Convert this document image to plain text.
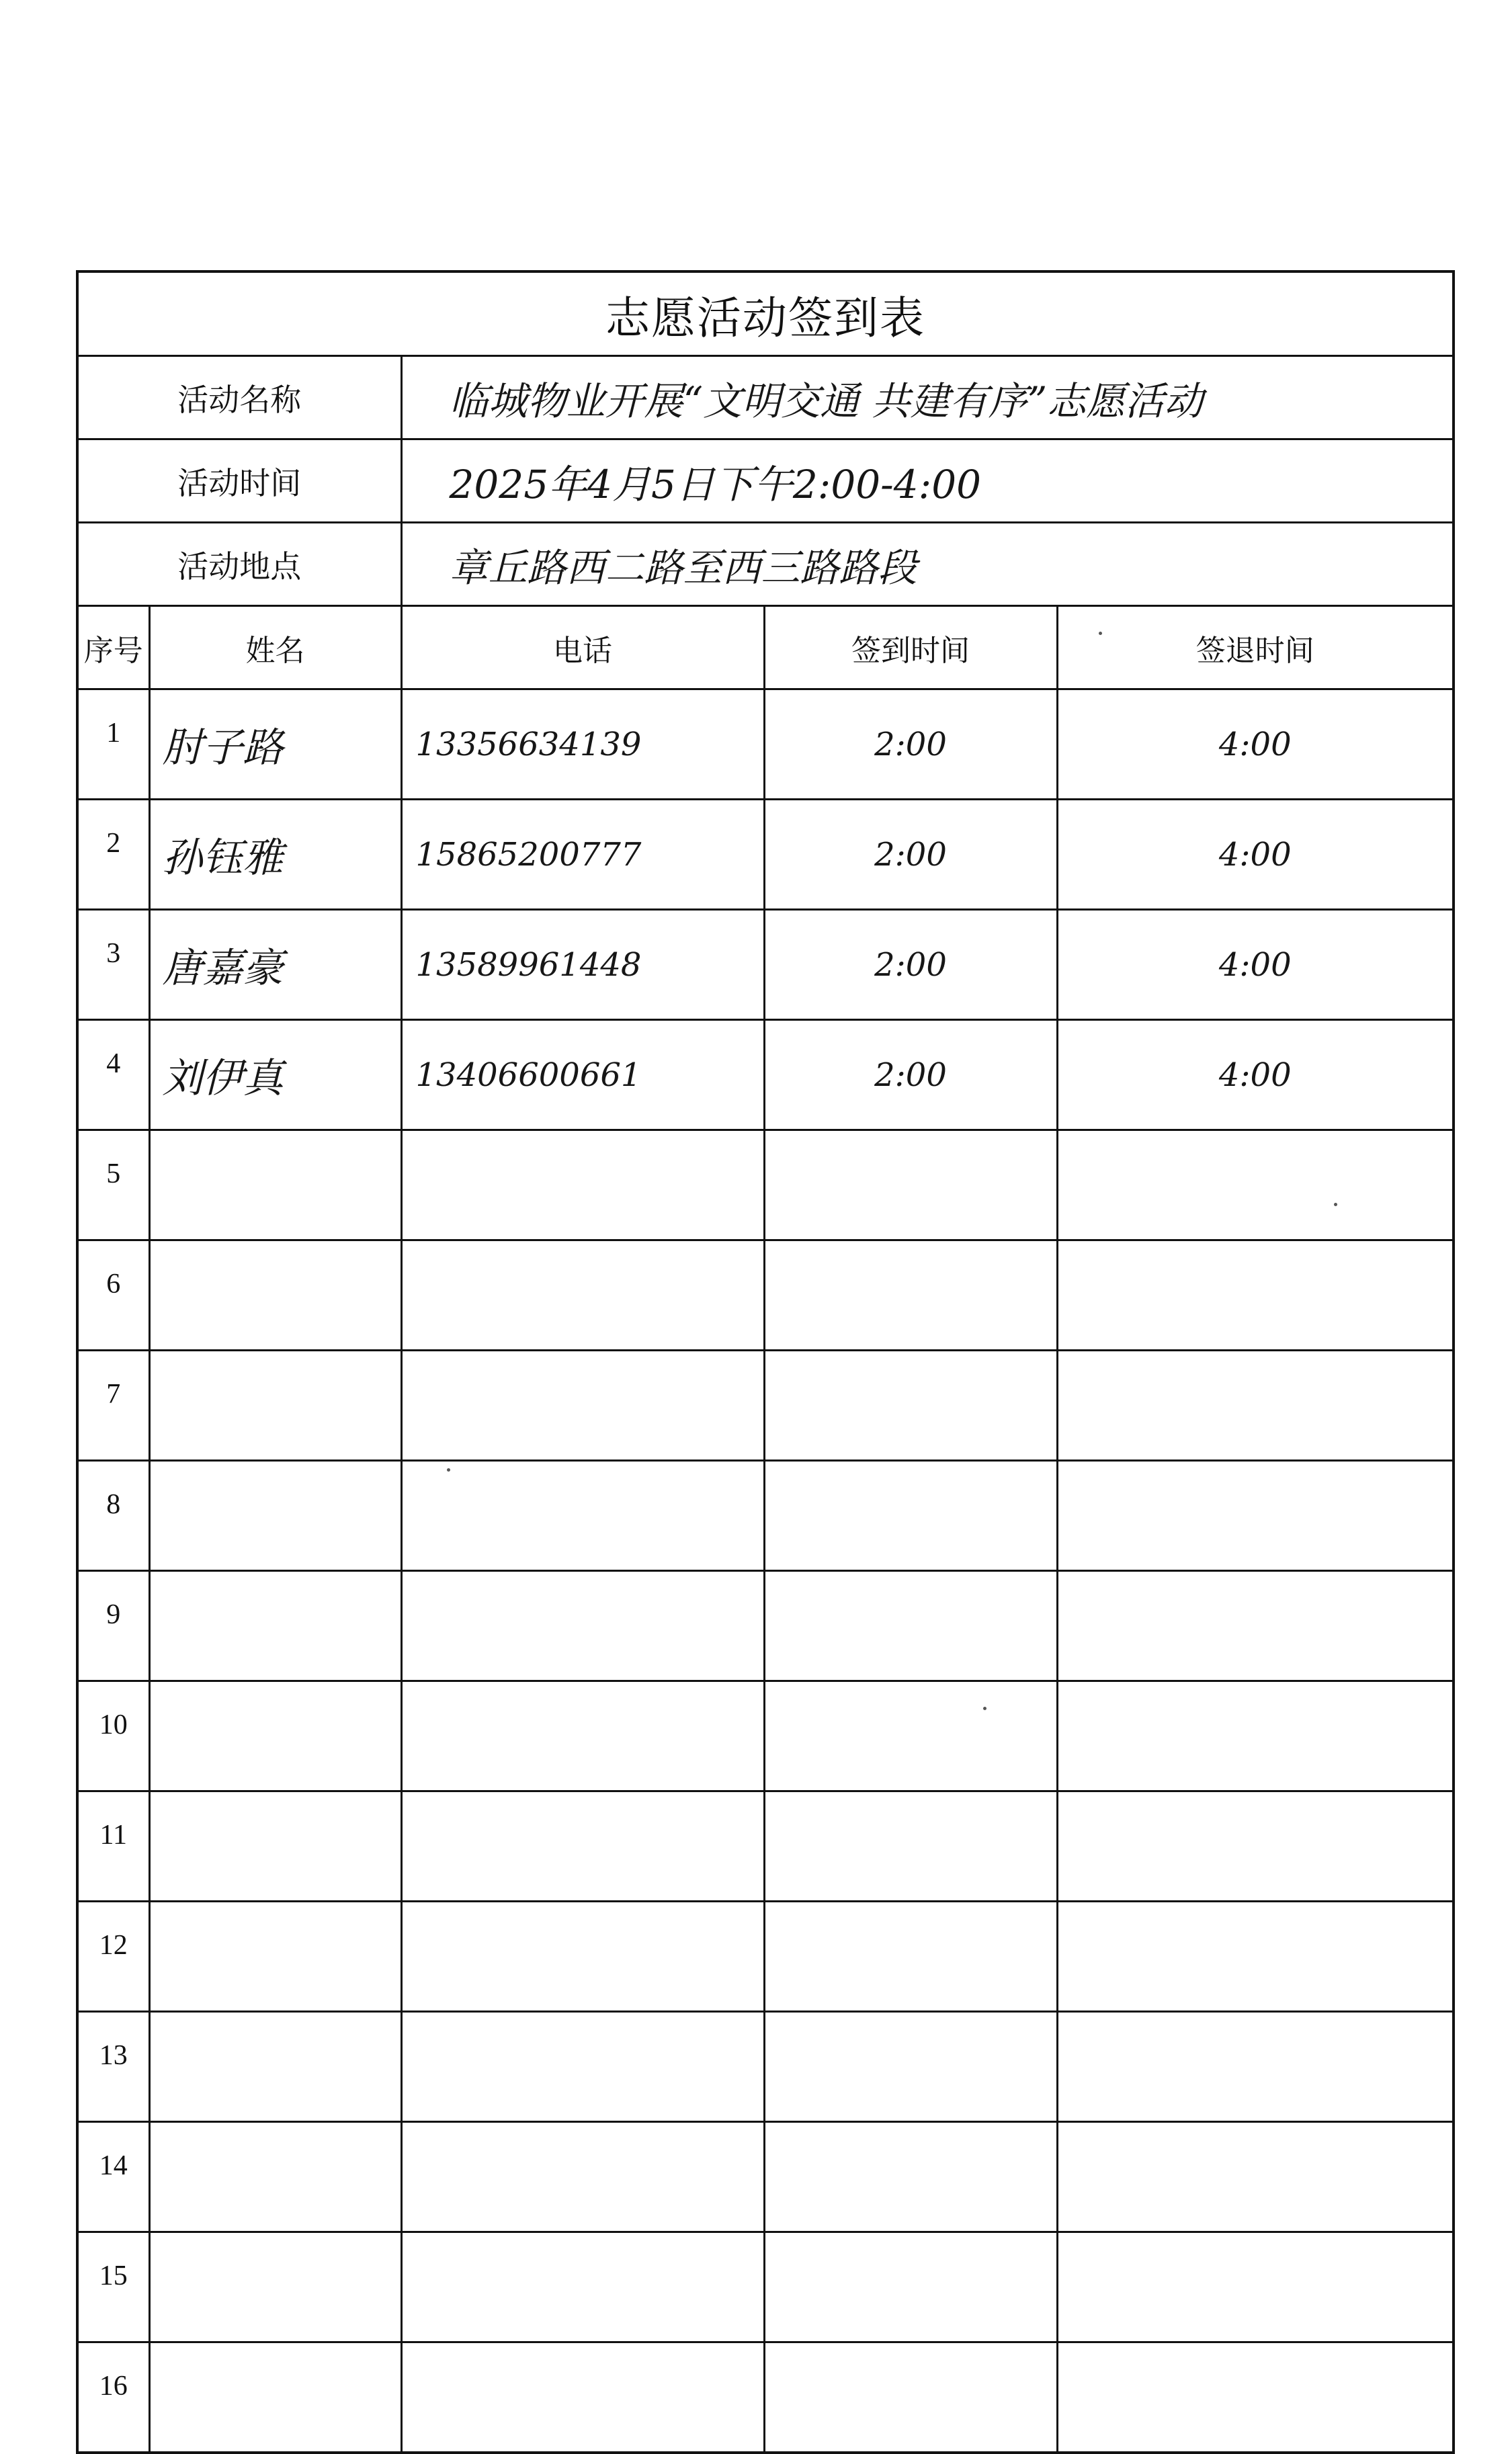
志愿活动签到表				
活动名称		临城物业开展“文明交通 共建有序”志愿活动		
活动时间		2025年4月5日下午2:00-4:00		
活动地点		章丘路西二路至西三路路段		
序号	姓名	电话	签到时间	签退时间
1	肘子路	13356634139	2:00	4:00
2	孙钰雅	15865200777	2:00	4:00
3	唐嘉豪	13589961448	2:00	4:00
4	刘伊真	13406600661	2:00	4:00
5				
6				
7				
8				
9				
10				
11				
12				
13				
14				
15				
16				
